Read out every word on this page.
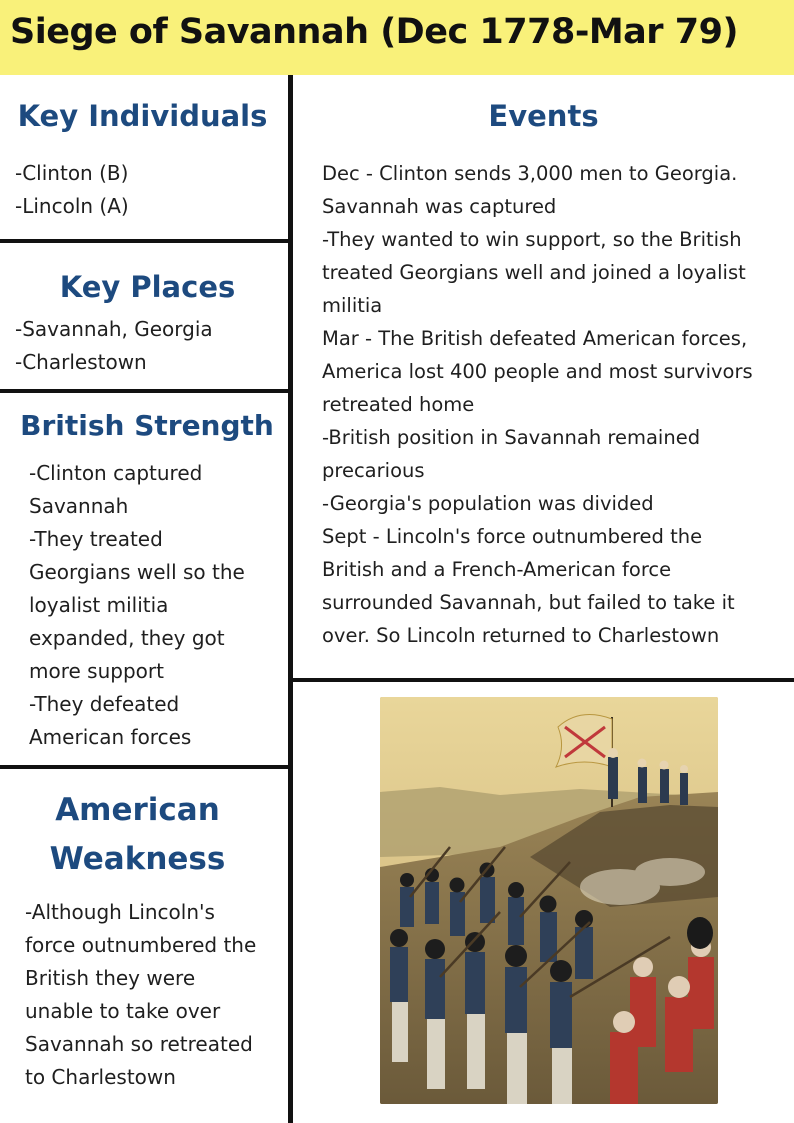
Siege of Savannah (Dec 1778-Mar 79)
Key Individuals
-Clinton (B)
-Lincoln (A)
Key Places
-Savannah, Georgia
-Charlestown
British Strength
-Clinton captured
Savannah
-They treated
Georgians well so the
loyalist militia
expanded, they got
more support
-They defeated
American forces
American
Weakness
-Although Lincoln's
force outnumbered the
British they were
unable to take over
Savannah so retreated
to Charlestown
Events
Dec - Clinton sends 3,000 men to Georgia.
Savannah was captured
-They wanted to win support, so the British
treated Georgians well and joined a loyalist
militia
Mar - The British defeated American forces,
America lost 400 people and most survivors
retreated home
-British position in Savannah remained
precarious
-Georgia's population was divided
Sept - Lincoln's force outnumbered the
British and a French-American force
surrounded Savannah, but failed to take it
over. So Lincoln returned to Charlestown
